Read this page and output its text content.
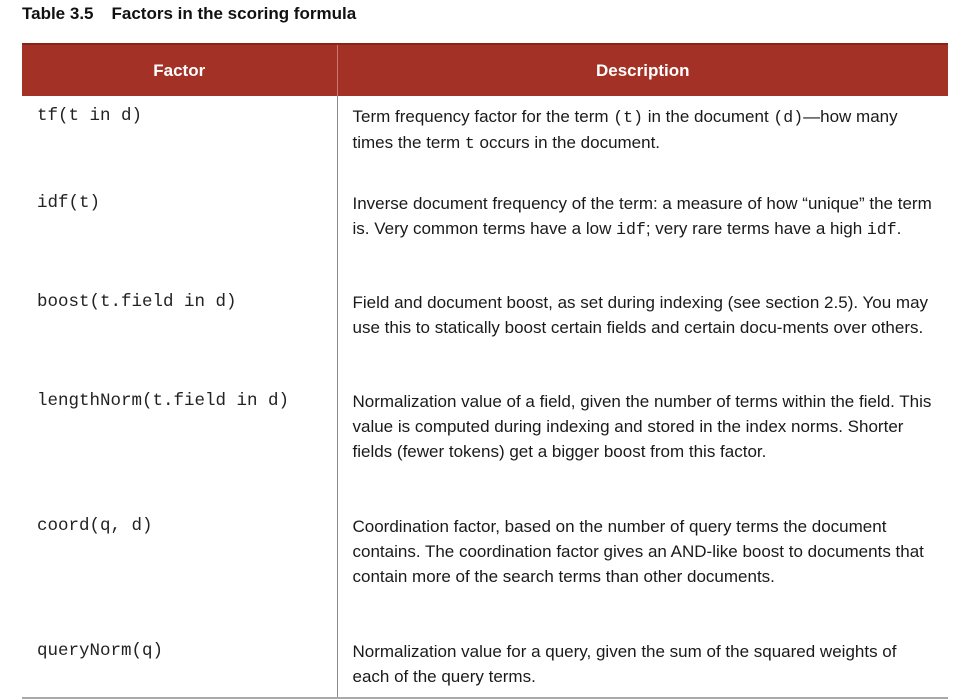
Table 3.5 Factors in the scoring formula
Factor	Description
tf(t in d)	Term frequency factor for the term (t) in the document (d)—how many times the term t occurs in the document.

idf(t)	Inverse document frequency of the term: a measure of how “unique” the term is. Very common terms have a low idf; very rare terms have a high idf.

boost(t.field in d)	Field and document boost, as set during indexing (see section 2.5). You may use this to statically boost certain fields and certain docu-ments over others.

lengthNorm(t.field in d)	Normalization value of a field, given the number of terms within the field. This value is computed during indexing and stored in the index norms. Shorter fields (fewer tokens) get a bigger boost from this factor.

coord(q, d)	Coordination factor, based on the number of query terms the document contains. The coordination factor gives an AND-like boost to documents that contain more of the search terms than other documents.

queryNorm(q)	Normalization value for a query, given the sum of the squared weights of each of the query terms.
